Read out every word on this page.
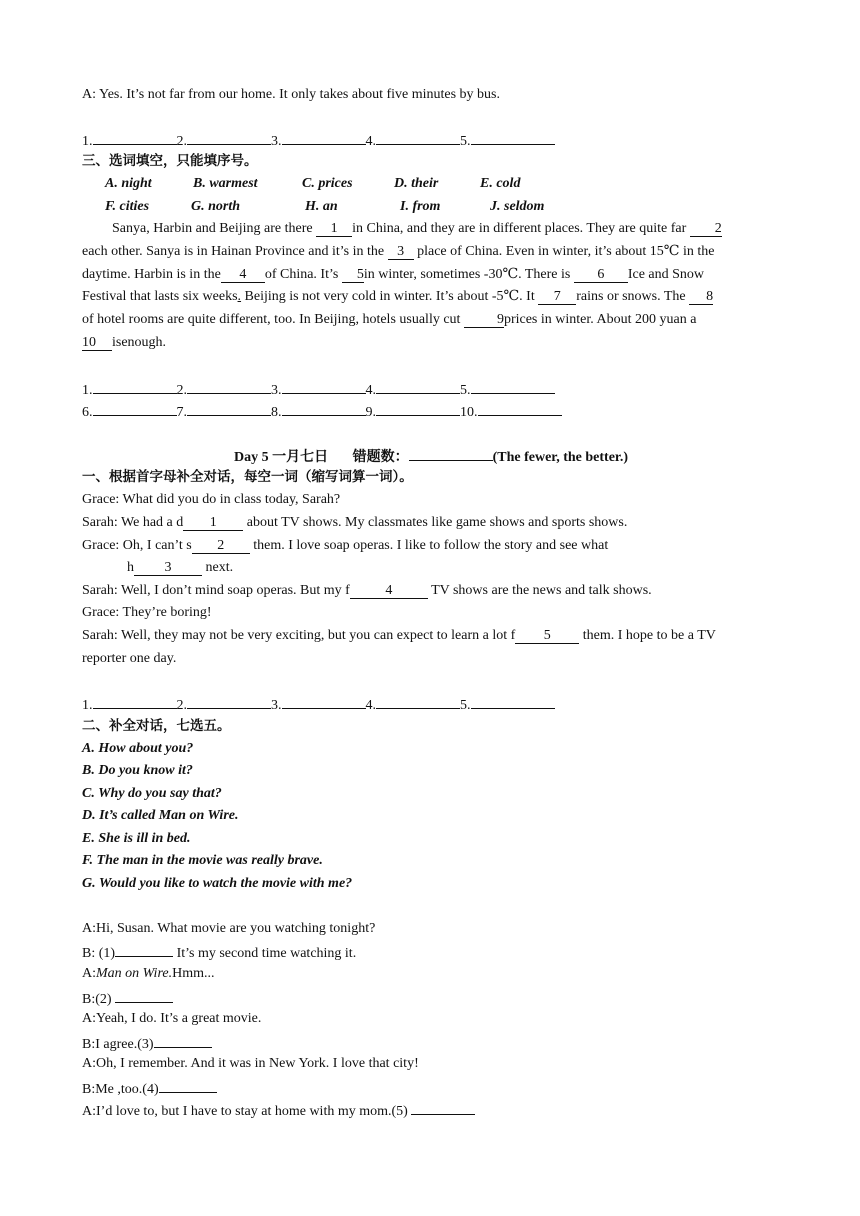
A: Yes. It’s not far from our home. It only takes about five minutes by bus.
1.	2.	3.	4.	5.
三、选词填空，只能填序号。
A. night	B. warmest	C. prices	D. their	E. cold
F. cities	G. north	H. an	I. from	J. seldom
Sanya, Harbin and Beijing are there 1 in China, and they are in different places. They are quite far 2
each other. Sanya is in Hainan Province and it’s in the 3 place of China. Even in winter, it’s about 15℃ in the
daytime. Harbin is in the 4 of China. It’s 5in winter, sometimes -30℃. There is 6 Ice and Snow
Festival that lasts six weeks. Beijing is not very cold in winter. It’s about -5℃. It 7 rains or snows. The 8
of hotel rooms are quite different, too. In Beijing, hotels usually cut 9prices in winter. About 200 yuan a
10 isenough.
1.	2.	3.	4.	5.
6.	7.	8.	9.	10.
Day 5 一月七日 错题数：	(The fewer, the better.)
一、根据首字母补全对话，每空一词（缩写词算一词）。
Grace: What did you do in class today, Sarah?
Sarah: We had a d 1 about TV shows. My classmates like game shows and sports shows.
Grace: Oh, I can’t s 2 them. I love soap operas. I like to follow the story and see what
h 3 next.
Sarah: Well, I don’t mind soap operas. But my f	4	TV shows are the news and talk shows.
Grace: They’re boring!
Sarah: Well, they may not be very exciting, but you can expect to learn a lot f 5 them. I hope to be a TV
reporter one day.
1.	2.	3.	4.	5.
二、补全对话，七选五。
A. How about you?
B. Do you know it?
C. Why do you say that?
D. It’s called Man on Wire.
E. She is ill in bed.
F. The man in the movie was really brave.
G. Would you like to watch the movie with me?
A:Hi, Susan. What movie are you watching tonight?
B: (1)	It’s my second time watching it.
A:Man on Wire.Hmm...
B:(2)
A:Yeah, I do. It’s a great movie.
B:I agree.(3)
A:Oh, I remember. And it was in New York. I love that city!
B:Me ,too.(4)
A:I’d love to, but I have to stay at home with my mom.(5)
